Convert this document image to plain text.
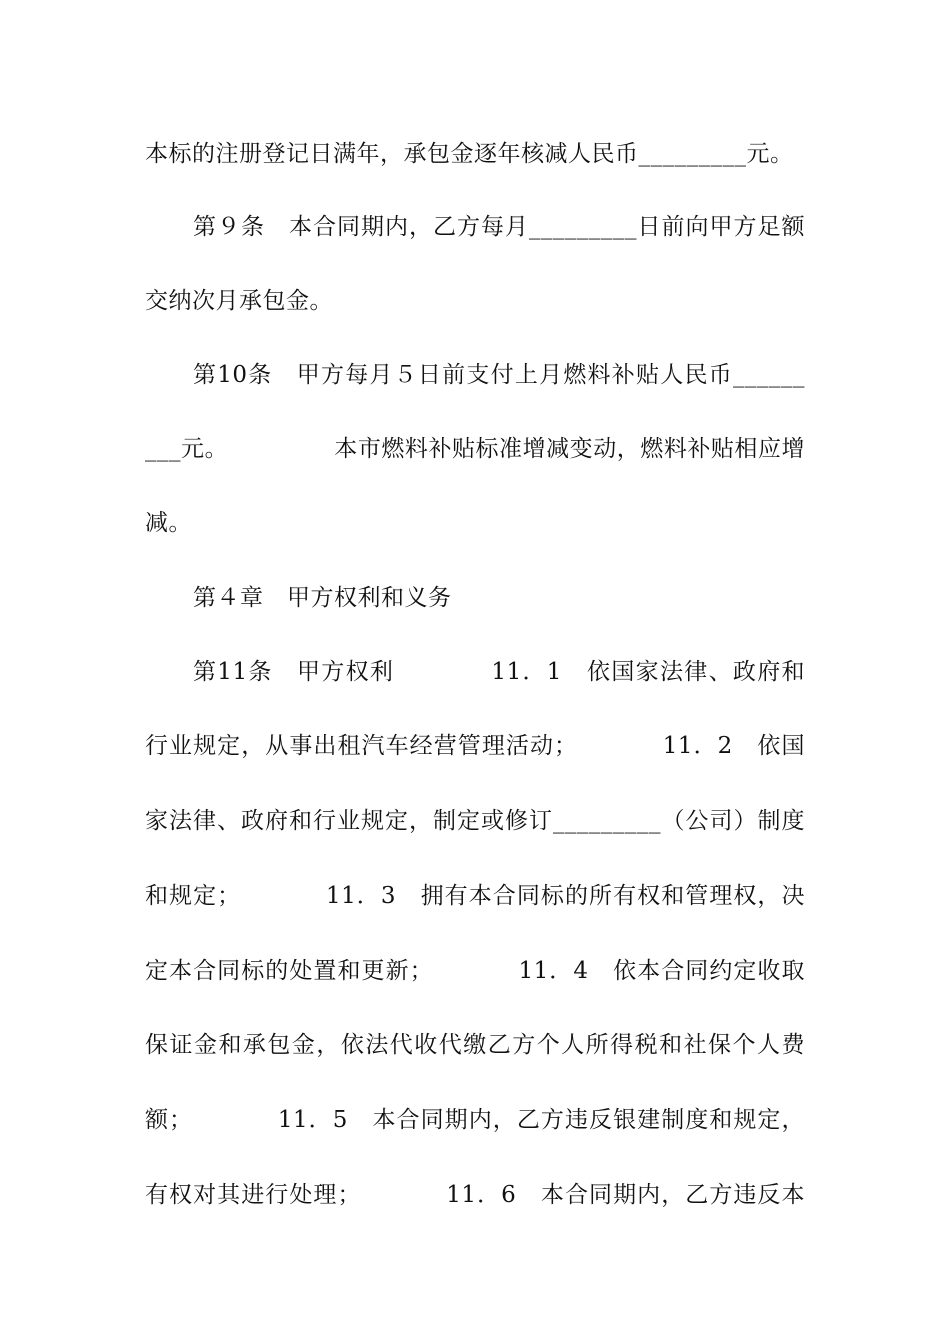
本标的注册登记日满年，承包金逐年核减人民币_________元。
第９条　本合同期内，乙方每月_________日前向甲方足额
交纳次月承包金。
第10条　甲方每月５日前支付上月燃料补贴人民币______
___元。　　　　　本市燃料补贴标准增减变动，燃料补贴相应增
减。
第４章　甲方权利和义务
第11条　甲方权利　　　　11．1　依国家法律、政府和
行业规定，从事出租汽车经营管理活动；　　　　11．2　依国
家法律、政府和行业规定，制定或修订_________（公司）制度
和规定；　　　　11．3　拥有本合同标的所有权和管理权，决
定本合同标的处置和更新；　　　　11．4　依本合同约定收取
保证金和承包金，依法代收代缴乙方个人所得税和社保个人费
额；　　　　11．5　本合同期内，乙方违反银建制度和规定，
有权对其进行处理；　　　　11．6　本合同期内，乙方违反本
